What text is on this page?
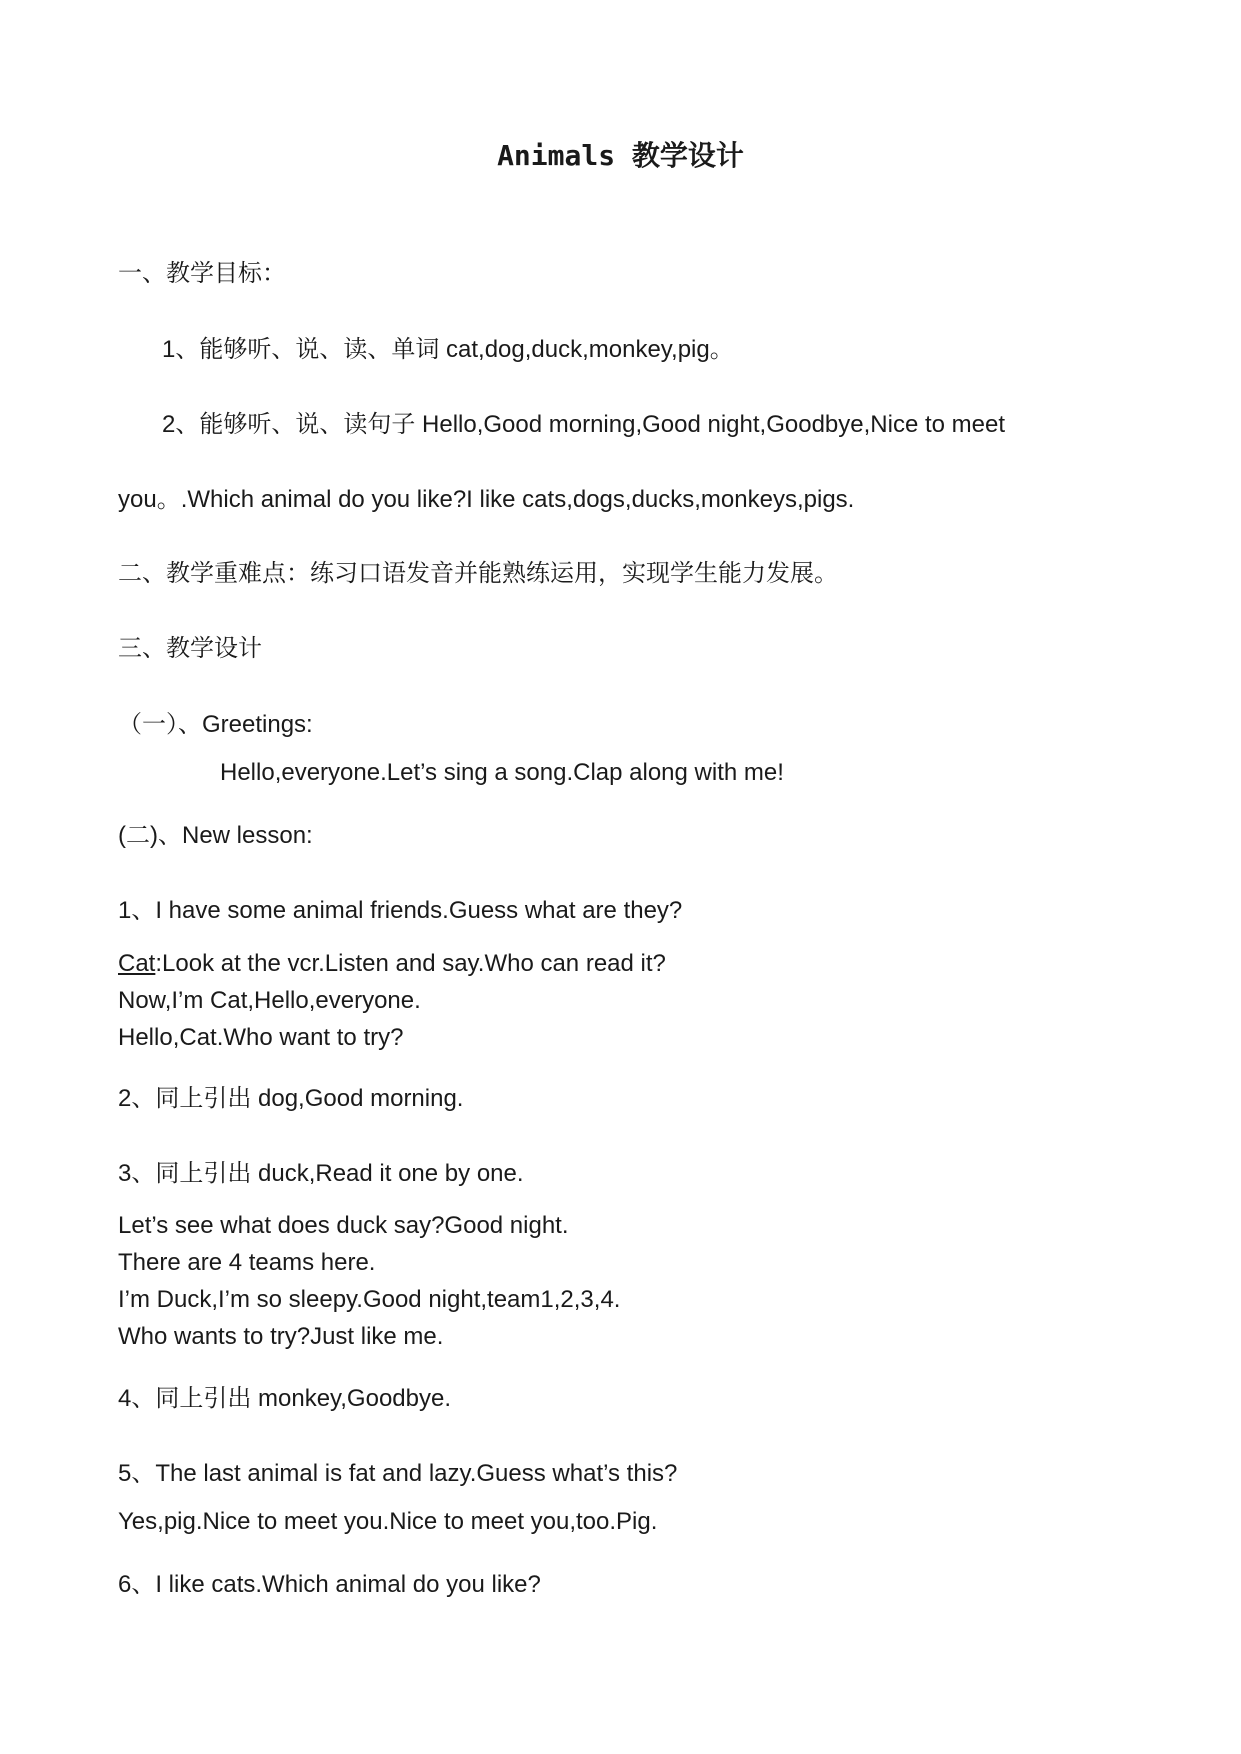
Animals 教学设计

一、教学目标：

1、能够听、说、读、单词 cat,dog,duck,monkey,pig。

2、能够听、说、读句子 Hello,Good morning,Good night,Goodbye,Nice to meet

you。.Which animal do you like?I like cats,dogs,ducks,monkeys,pigs.

二、教学重难点：练习口语发音并能熟练运用，实现学生能力发展。

三、教学设计

（一）、Greetings:

Hello,everyone.Let’s sing a song.Clap along with me!

(二)、New lesson:

1、I have some animal friends.Guess what are they?

Cat:Look at the vcr.Listen and say.Who can read it?
Now,I’m Cat,Hello,everyone.
Hello,Cat.Who want to try?

2、同上引出 dog,Good morning.

3、同上引出 duck,Read it one by one.

Let’s see what does duck say?Good night.
There are 4 teams here.
I’m Duck,I’m so sleepy.Good night,team1,2,3,4.
Who wants to try?Just like me.

4、同上引出 monkey,Goodbye.

5、The last animal is fat and lazy.Guess what’s this?

Yes,pig.Nice to meet you.Nice to meet you,too.Pig.

6、I like cats.Which animal do you like?
